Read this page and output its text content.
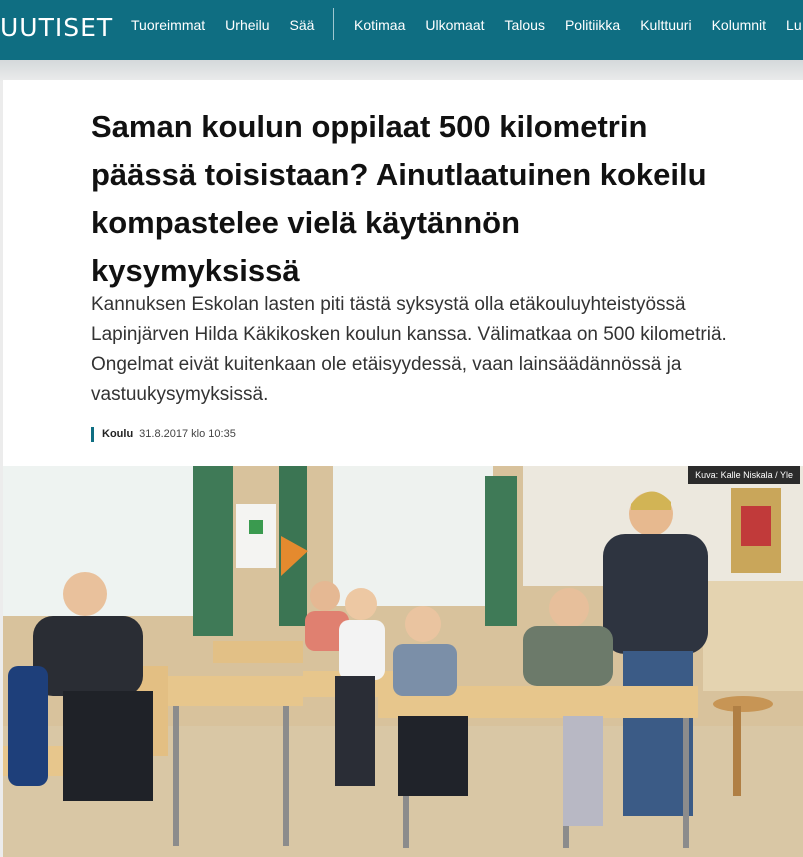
UUTISET Tuoreimmat Urheilu Sää	Kotimaa Ulkomaat Talous Politiikka Kulttuuri Kolumnit Lu
Saman koulun oppilaat 500 kilometrin päässä toisistaan? Ainutlaatuinen kokeilu kompastelee vielä käytännön kysymyksissä

Kannuksen Eskolan lasten piti tästä syksystä olla etäkouluyhteistyössä Lapinjärven Hilda Käkikosken koulun kanssa. Välimatkaa on 500 kilometriä. Ongelmat eivät kuitenkaan ole etäisyydessä, vaan lainsäädännössä ja vastuukysymyksissä.

Koulu 31.8.2017 klo 10:35
Kuva: Kalle Niskala / Yle
